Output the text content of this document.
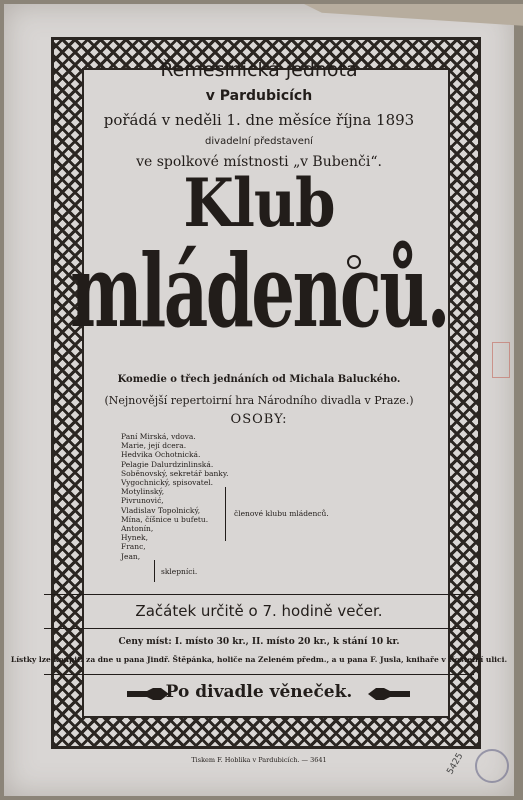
Řemeslnická jednota
v Pardubicích
pořádá v neděli 1. dne měsíce října 1893
divadelní představení
ve spolkové místnosti „v Bubenči“.
Klub
mládenců.
Komedie o třech jednáních od Michala Baluckého.
(Nejnovější repertoirní hra Národního divadla v Praze.)
OSOBY:
Paní Mirská, vdova.
Marie, její dcera.
Hedvika Ochotnická.
Pelagie Dalurdzinlinská.
Soběnovský, sekretář banky.
Vygochnický, spisovatel.
Motylinský,
Pivrunović,
Vladislav Topolnický,
Mína, číšnice u bufetu.
Antonín,
Hynek,
Franc,
Jean,
členové klubu mládenců.
sklepníci.
Začátek určitě o 7. hodině večer.
Ceny míst: I. místo 30 kr., II. místo 20 kr., k stání 10 kr.
Lístky lze koupiti za dne u pana Jindř. Štěpánka, holiče na Zeleném předm., a u pana F. Jusla, knihaře v Kostelní ulici.
Po divadle věneček.
Tiskem F. Hoblika v Pardubicích. — 3641	5425
